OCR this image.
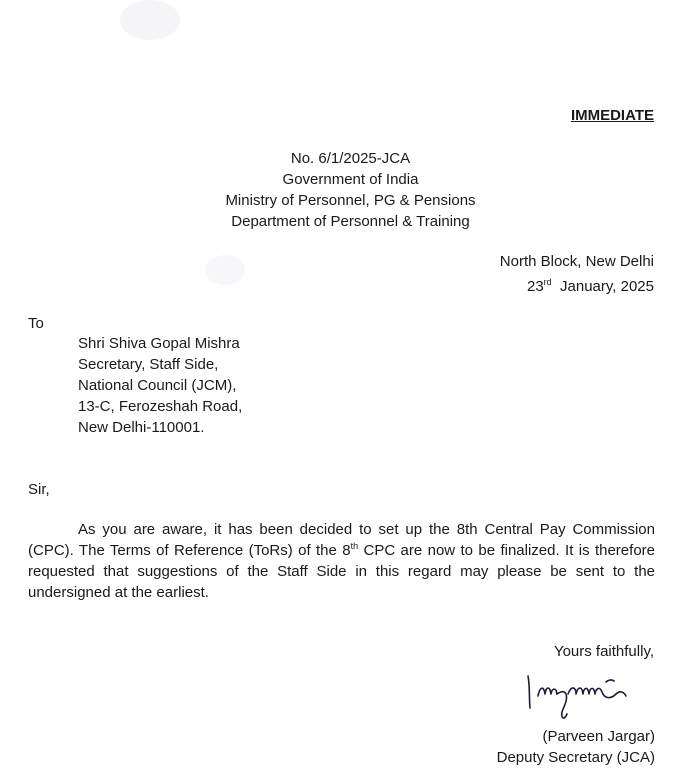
IMMEDIATE
No. 6/1/2025-JCA
Government of India
Ministry of Personnel, PG & Pensions
Department of Personnel & Training
North Block, New Delhi
23rd January, 2025
To
Shri Shiva Gopal Mishra
Secretary, Staff Side,
National Council (JCM),
13-C, Ferozeshah Road,
New Delhi-110001.
Sir,
As you are aware, it has been decided to set up the 8th Central Pay Commission (CPC). The Terms of Reference (ToRs) of the 8th CPC are now to be finalized. It is therefore requested that suggestions of the Staff Side in this regard may please be sent to the undersigned at the earliest.
Yours faithfully,
(Parveen Jargar)
Deputy Secretary (JCA)
